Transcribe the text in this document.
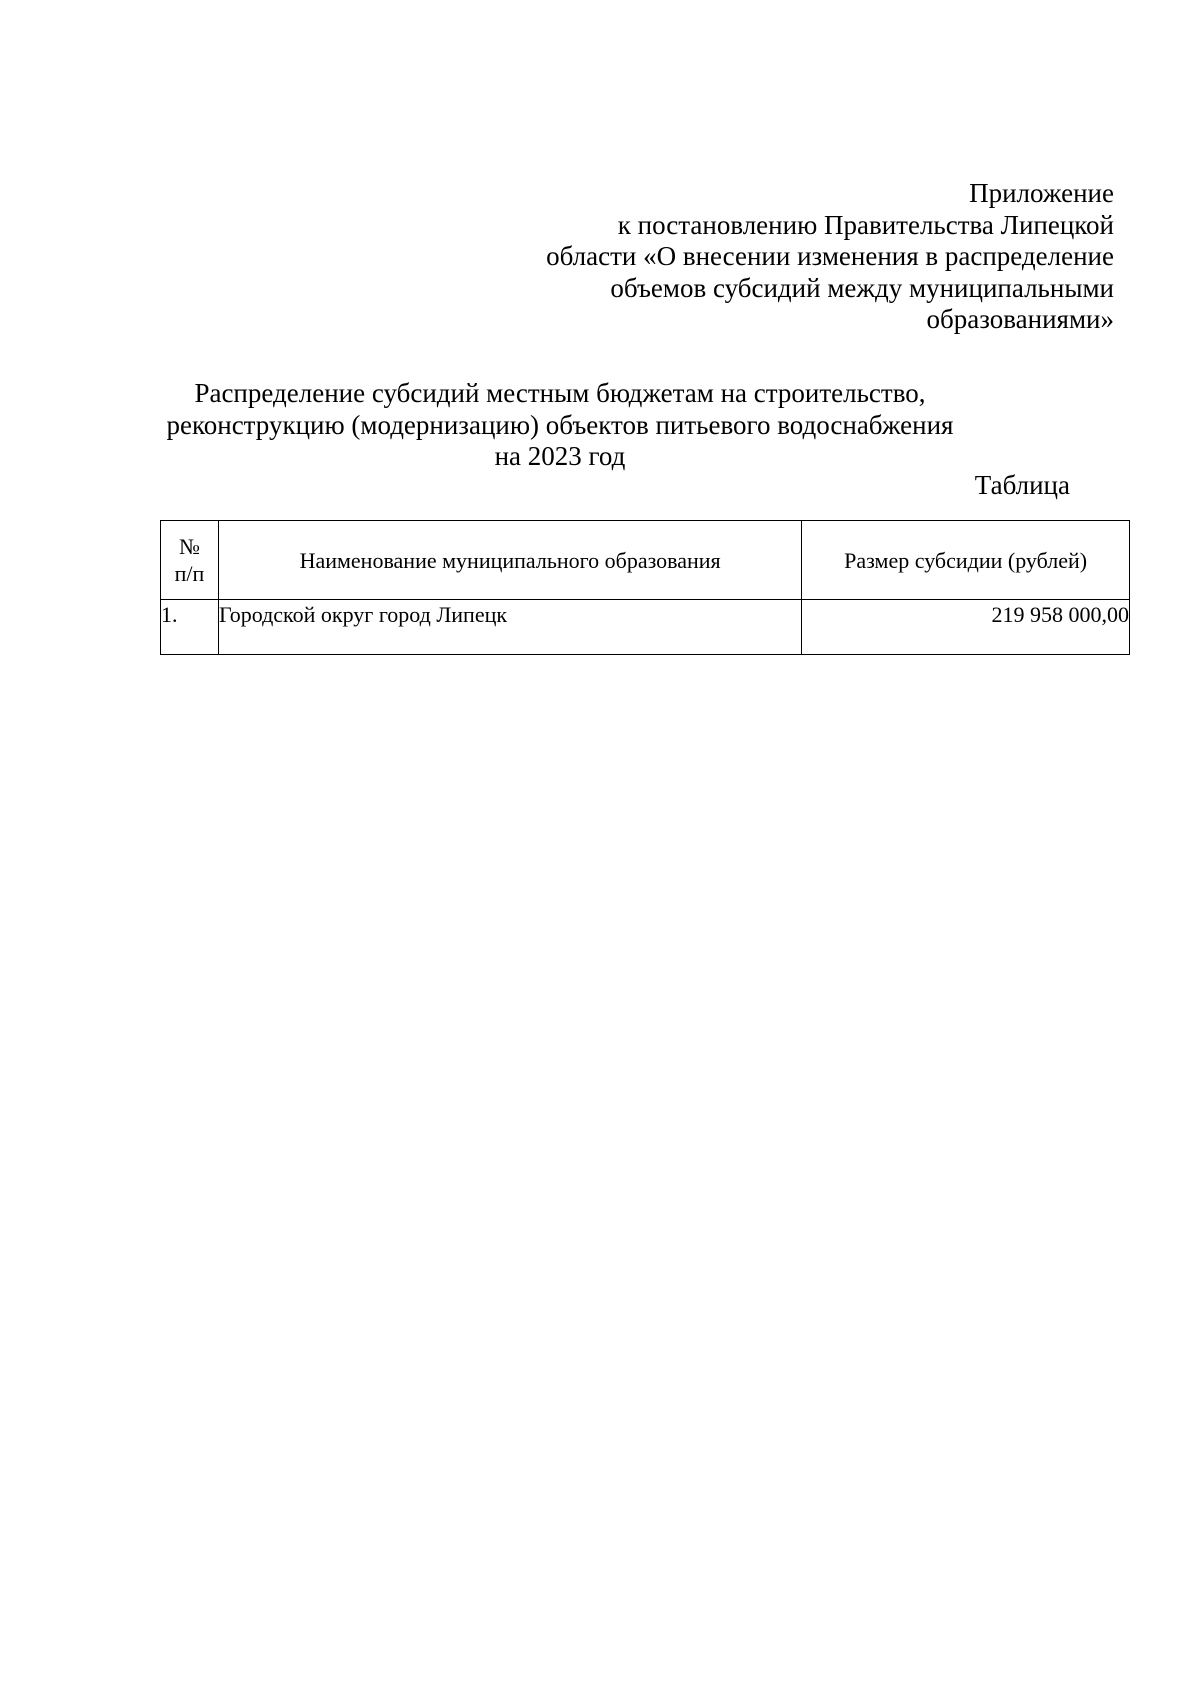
Приложение
к постановлению Правительства Липецкой
области «О внесении изменения в распределение
объемов субсидий между муниципальными
образованиями»
Распределение субсидий местным бюджетам на строительство,
реконструкцию (модернизацию) объектов питьевого водоснабжения
на 2023 год
Таблица
№
п/п	Наименование муниципального образования	Размер субсидии (рублей)
1.	Городской округ город Липецк	219 958 000,00
